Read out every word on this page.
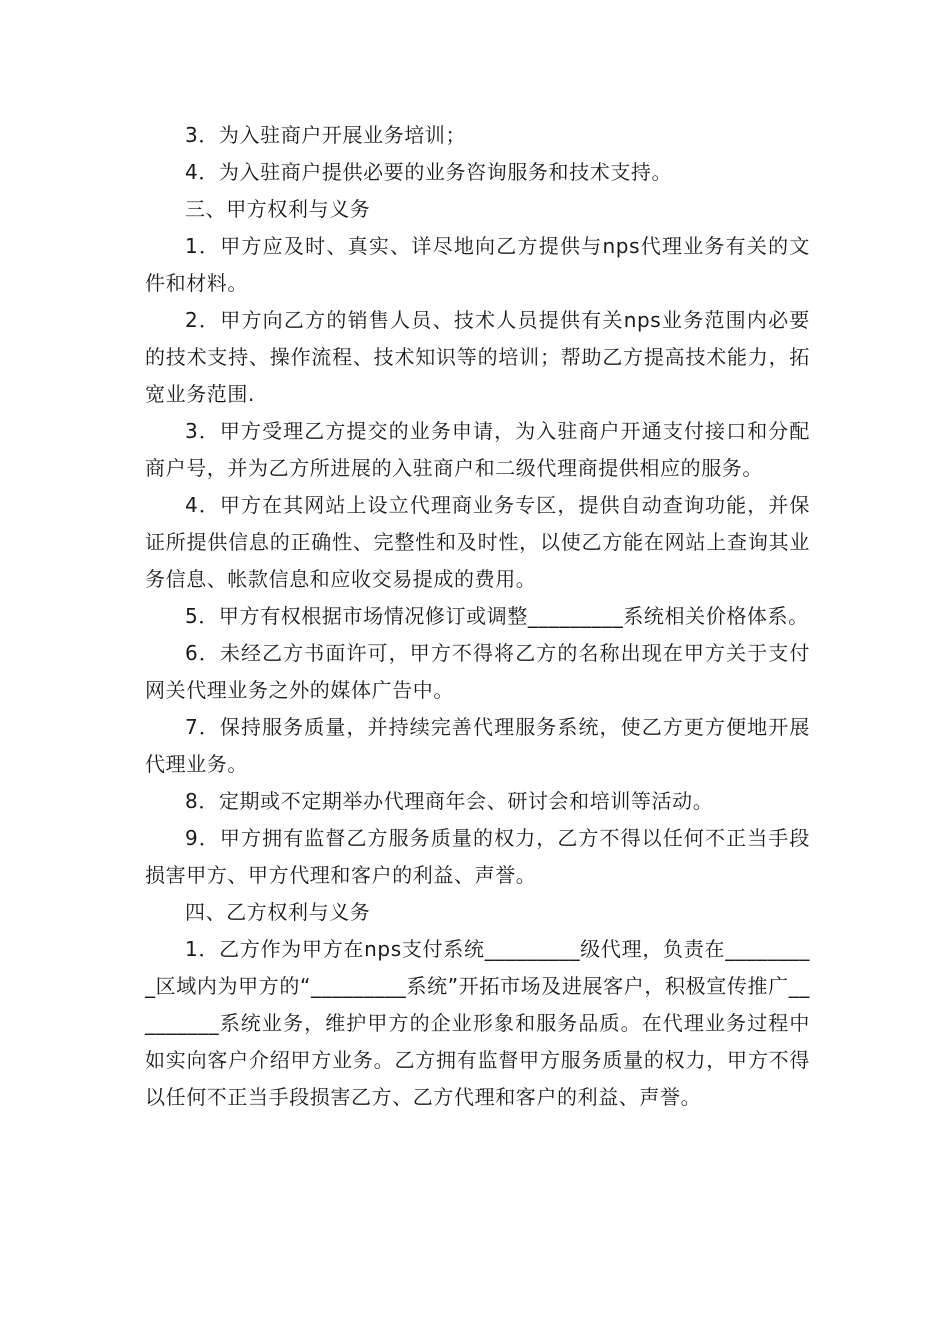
3．为入驻商户开展业务培训；

4．为入驻商户提供必要的业务咨询服务和技术支持。

三、甲方权利与义务

1．甲方应及时、真实、详尽地向乙方提供与nps代理业务有关的文件和材料。

2．甲方向乙方的销售人员、技术人员提供有关nps业务范围内必要的技术支持、操作流程、技术知识等的培训；帮助乙方提高技术能力，拓宽业务范围.

3．甲方受理乙方提交的业务申请，为入驻商户开通支付接口和分配商户号，并为乙方所进展的入驻商户和二级代理商提供相应的服务。

4．甲方在其网站上设立代理商业务专区，提供自动查询功能，并保证所提供信息的正确性、完整性和及时性，以使乙方能在网站上查询其业务信息、帐款信息和应收交易提成的费用。

5．甲方有权根据市场情况修订或调整_________系统相关价格体系。

6．未经乙方书面许可，甲方不得将乙方的名称出现在甲方关于支付网关代理业务之外的媒体广告中。

7．保持服务质量，并持续完善代理服务系统，使乙方更方便地开展代理业务。

8．定期或不定期举办代理商年会、研讨会和培训等活动。

9．甲方拥有监督乙方服务质量的权力，乙方不得以任何不正当手段损害甲方、甲方代理和客户的利益、声誉。

四、乙方权利与义务

1．乙方作为甲方在nps支付系统_________级代理，负责在_________区域内为甲方的“_________系统”开拓市场及进展客户，积极宣传推广_________系统业务，维护甲方的企业形象和服务品质。在代理业务过程中如实向客户介绍甲方业务。乙方拥有监督甲方服务质量的权力，甲方不得以任何不正当手段损害乙方、乙方代理和客户的利益、声誉。
